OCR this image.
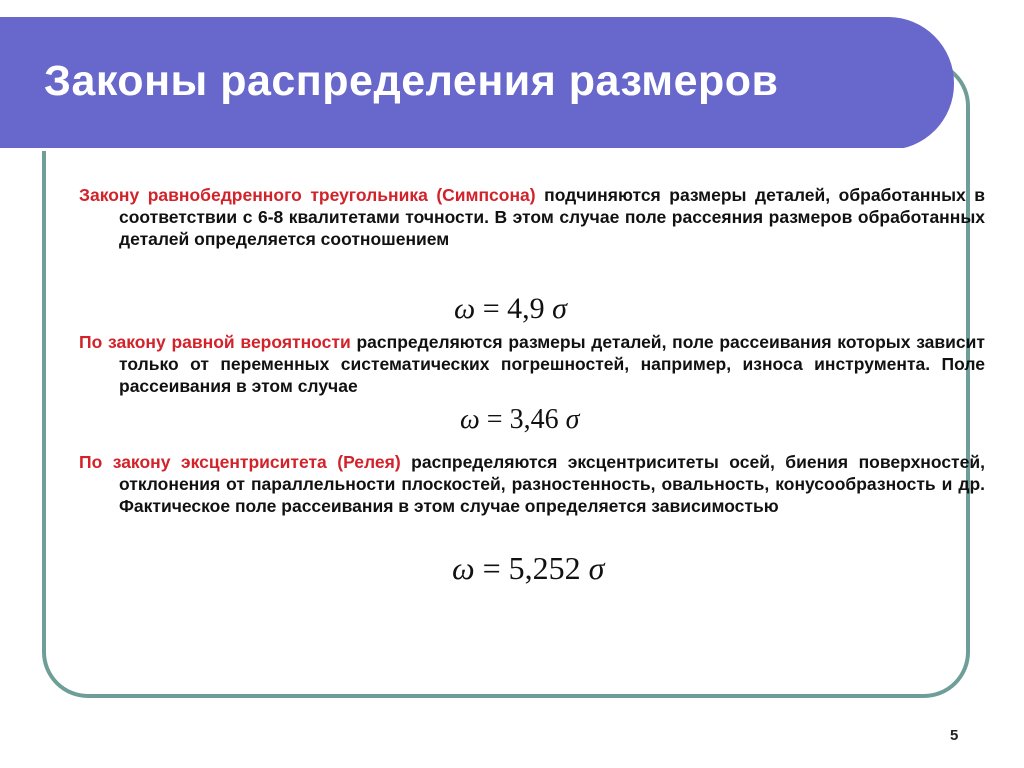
Законы распределения размеров

Закону равнобедренного треугольника (Симпсона) подчиняются размеры деталей, обработанных в соответствии с 6-8 квалитетами точности. В этом случае поле рассеяния размеров обработанных деталей определяется соотношением

ω = 4,9 σ

По закону равной вероятности распределяются размеры деталей, поле рассеивания которых зависит только от переменных систематических погрешностей, например, износа инструмента. Поле рассеивания в этом случае

ω = 3,46 σ

По закону эксцентриситета (Релея) распределяются эксцентриситеты осей, биения поверхностей, отклонения от параллельности плоскостей, разностенность, овальность, конусообразность и др. Фактическое поле рассеивания в этом случае определяется зависимостью

ω = 5,252 σ
5
